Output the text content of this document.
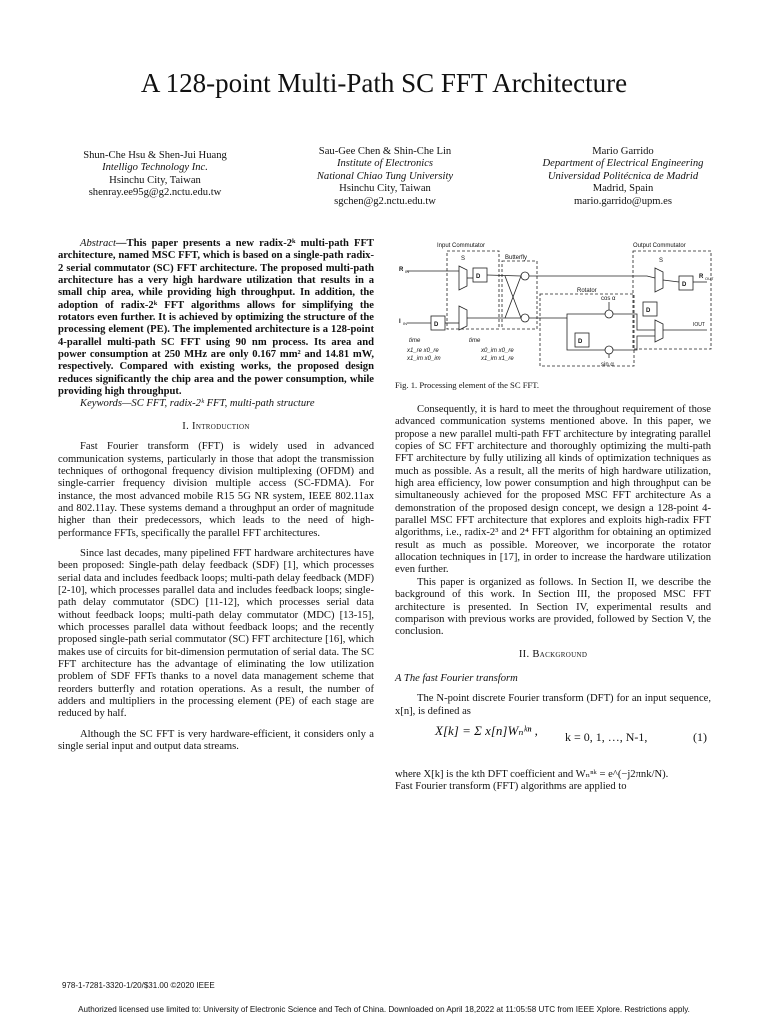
A 128-point Multi-Path SC FFT Architecture
Shun-Che Hsu & Shen-Jui Huang
Intelligo Technology Inc.
Hsinchu City, Taiwan
shenray.ee95g@g2.nctu.edu.tw
Sau-Gee Chen & Shin-Che Lin
Institute of Electronics
National Chiao Tung University
Hsinchu City, Taiwan
sgchen@g2.nctu.edu.tw
Mario Garrido
Department of Electrical Engineering
Universidad Politécnica de Madrid
Madrid, Spain
mario.garrido@upm.es

Abstract—This paper presents a new radix-2ᵏ multi-path FFT architecture, named MSC FFT, which is based on a single-path radix-2 serial commutator (SC) FFT architecture. The proposed multi-path architecture has a very high hardware utilization that results in a small chip area, while providing high throughput. In addition, the adoption of radix-2ᵏ FFT algorithms allows for simplifying the rotators even further. It is achieved by optimizing the structure of the processing element (PE). The implemented architecture is a 128-point 4-parallel multi-path SC FFT using 90 nm process. Its area and power consumption at 250 MHz are only 0.167 mm² and 14.81 mW, respectively. Compared with existing works, the proposed design reduces significantly the chip area and the power consumption, while providing high throughput.

Keywords—SC FFT, radix-2ᵏ FFT, multi-path structure

I. Introduction

Fast Fourier transform (FFT) is widely used in advanced communication systems, particularly in those that adopt the transmission techniques of orthogonal frequency division multiplexing (OFDM) and single-carrier frequency division multiple access (SC-FDMA). For instance, the most advanced mobile R15 5G NR system, IEEE 802.11ax and 802.11ay. These systems demand a throughput an order of magnitude higher than their predecessors, which leads to the need of high-performance FFTs, specifically the parallel FFT architectures.

Since last decades, many pipelined FFT hardware architectures have been proposed: Single-path delay feedback (SDF) [1], which processes serial data and includes feedback loops; multi-path delay feedback (MDF) [2-10], which processes parallel data and includes feedback loops; single-path delay commutator (SDC) [11-12], which processes serial data without feedback loops; multi-path delay commutator (MDC) [13-15], which processes parallel data without feedback loops; and the recently proposed single-path serial commutator (SC) FFT architecture [16], which makes use of circuits for bit-dimension permutation of serial data. The SC FFT architecture has the advantage of eliminating the low utilization problem of SDF FFTs thanks to a novel data management scheme that reorders butterfly and rotation operations. As a result, the number of adders and multipliers in the processing element (PE) of each stage are reduced by half.

Although the SC FFT is very hardware-efficient, it considers only a single serial input and output data streams.

Input Commutator	Output Commutator
Butterfly
Rotator
R IN
I IN
R OUT
IOUT
D
D
D
D
D
S	S
cos α
sin α
time	time
x1_re x0_re
x1_im x0_im
x0_im x0_re
x1_im x1_re
Fig. 1. Processing element of the SC FFT.

Consequently, it is hard to meet the throughout requirement of those advanced communication systems mentioned above. In this paper, we propose a new parallel multi-path FFT architecture by integrating parallel copies of SC FFT architecture and thoroughly optimizing the multi-path FFT architecture by fully utilizing all kinds of optimization techniques as much as possible. As a result, all the merits of high hardware utilization, high area efficiency, low power consumption and high throughput can be simultaneously achieved for the proposed MSC FFT architecture As a demonstration of the proposed design concept, we design a 128-point 4-parallel MSC FFT architecture that explores and exploits high-radix FFT algorithms, i.e., radix-2³ and 2⁴ FFT algorithm for obtaining an optimized result as much as possible. Moreover, we incorporate the rotator allocation techniques in [17], in order to increase the hardware utilization even further.

This paper is organized as follows. In Section II, we describe the background of this work. In Section III, the proposed MSC FFT architecture is presented. In Section IV, experimental results and comparison with previous works are provided, followed by Section V, the conclusion.

II. Background

A The fast Fourier transform

The N-point discrete Fourier transform (DFT) for an input sequence, x[n], is defined as

X[k] = Σ x[n]Wₙᵏⁿ , k = 0, 1, …, N-1,	(1)

where X[k] is the kth DFT coefficient and Wₙⁿᵏ = e^(−j2πnk/N).

Fast Fourier transform (FFT) algorithms are applied to

978-1-7281-3320-1/20/$31.00 ©2020 IEEE
Authorized licensed use limited to: University of Electronic Science and Tech of China. Downloaded on April 18,2022 at 11:05:58 UTC from IEEE Xplore. Restrictions apply.
